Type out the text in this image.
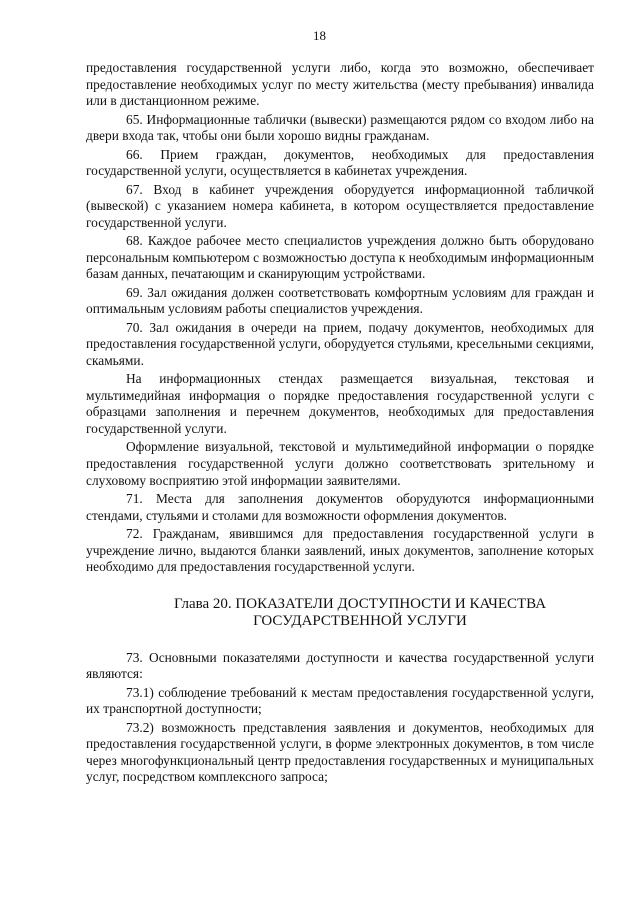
18

предоставления государственной услуги либо, когда это возможно, обеспечивает предоставление необходимых услуг по месту жительства (месту пребывания) инвалида или в дистанционном режиме.

65. Информационные таблички (вывески) размещаются рядом со входом либо на двери входа так, чтобы они были хорошо видны гражданам.

66. Прием граждан, документов, необходимых для предоставления государственной услуги, осуществляется в кабинетах учреждения.

67. Вход в кабинет учреждения оборудуется информационной табличкой (вывеской) с указанием номера кабинета, в котором осуществляется предоставление государственной услуги.

68. Каждое рабочее место специалистов учреждения должно быть оборудовано персональным компьютером с возможностью доступа к необходимым информационным базам данных, печатающим и сканирующим устройствами.

69. Зал ожидания должен соответствовать комфортным условиям для граждан и оптимальным условиям работы специалистов учреждения.

70. Зал ожидания в очереди на прием, подачу документов, необходимых для предоставления государственной услуги, оборудуется стульями, кресельными секциями, скамьями.

На информационных стендах размещается визуальная, текстовая и мультимедийная информация о порядке предоставления государственной услуги с образцами заполнения и перечнем документов, необходимых для предоставления государственной услуги.

Оформление визуальной, текстовой и мультимедийной информации о порядке предоставления государственной услуги должно соответствовать зрительному и слуховому восприятию этой информации заявителями.

71. Места для заполнения документов оборудуются информационными стендами, стульями и столами для возможности оформления документов.

72. Гражданам, явившимся для предоставления государственной услуги в учреждение лично, выдаются бланки заявлений, иных документов, заполнение которых необходимо для предоставления государственной услуги.

Глава 20. ПОКАЗАТЕЛИ ДОСТУПНОСТИ И КАЧЕСТВА
ГОСУДАРСТВЕННОЙ УСЛУГИ

73. Основными показателями доступности и качества государственной услуги являются:

73.1) соблюдение требований к местам предоставления государственной услуги, их транспортной доступности;

73.2) возможность представления заявления и документов, необходимых для предоставления государственной услуги, в форме электронных документов, в том числе через многофункциональный центр предоставления государственных и муниципальных услуг, посредством комплексного запроса;
